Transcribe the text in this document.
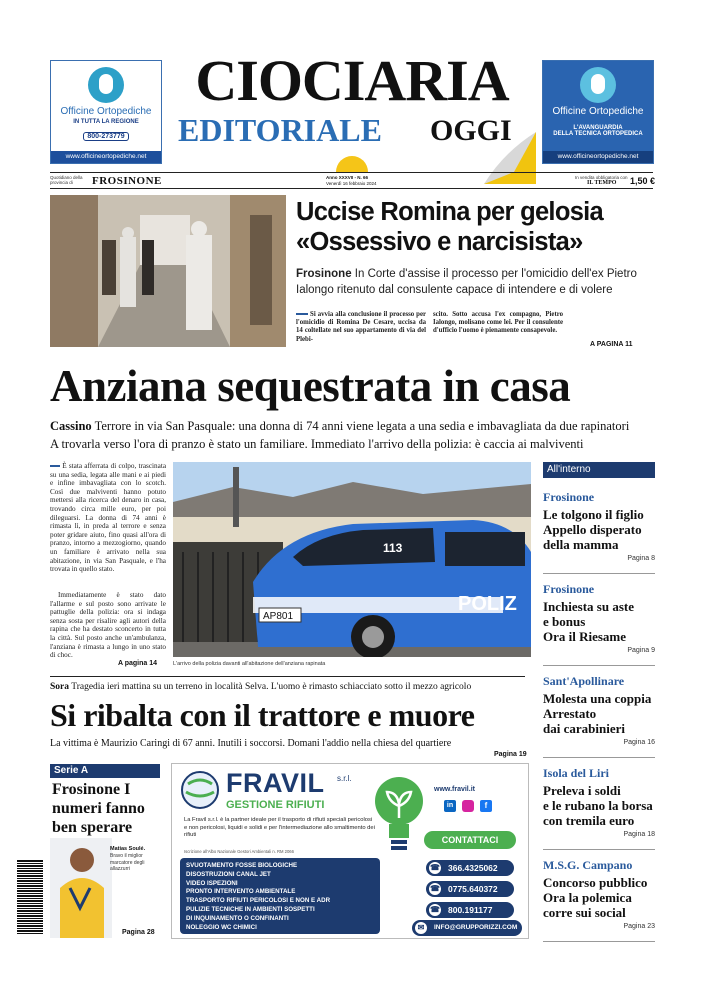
Officine Ortopediche
IN TUTTA LA REGIONE
800-273779
www.officineortopediche.net
CIOCIARIA
EDITORIALE OGGI
Officine Ortopediche
L'AVANGUARDIA
DELLA TECNICA ORTOPEDICA
www.officineortopediche.net
Quotidiano della provincia di	FROSINONE	Anno XXXVII - N. 66
Venerdì 16 febbraio 2024
In vendita obbligatoria con
IL TEMPO 1,50 €
Uccise Romina per gelosia «Ossessivo e narcisista»
Frosinone In Corte d'assise il processo per l'omicidio dell'ex Pietro Ialongo ritenuto dal consulente capace di intendere e di volere
Si avvia alla conclusione il processo per l'omicidio di Romina De Cesare, uccisa da 14 coltellate nel suo appartamento di via del Plebi-
scito. Sotto accusa l'ex compagno, Pietro Ialongo, molisano come lei. Per il consulente d'ufficio l'uomo è pienamente consapevole.
A PAGINA 11
Anziana sequestrata in casa
Cassino Terrore in via San Pasquale: una donna di 74 anni viene legata a una sedia e imbavagliata da due rapinatori
A trovarla verso l'ora di pranzo è stato un familiare. Immediato l'arrivo della polizia: è caccia ai malviventi
È stata afferrata di colpo, trascinata su una sedia, legata alle mani e ai piedi e infine imbavagliata con lo scotch. Così due malviventi hanno potuto mettersi alla ricerca del denaro in casa, trovando circa mille euro, per poi dileguarsi. La donna di 74 anni è rimasta lì, in preda al terrore e senza poter gridare aiuto, fino quasi all'ora di pranzo, intorno a mezzogiorno, quando un familiare è arrivato nella sua abitazione, in via San Pasquale, e l'ha trovata in quello stato.
Immediatamente è stato dato l'allarme e sul posto sono arrivate le pattuglie della polizia: ora si indaga senza sosta per risalire agli autori della rapina che ha destato sconcerto in tutta la città. Sul posto anche un'ambulanza, l'anziana è rimasta a lungo in uno stato di choc.
A pagina 14
POLIZ
AP801
113
L'arrivo della polizia davanti all'abitazione dell'anziana rapinata
Sora Tragedia ieri mattina su un terreno in località Selva. L'uomo è rimasto schiacciato sotto il mezzo agricolo
Si ribalta con il trattore e muore
La vittima è Maurizio Caringi di 67 anni. Inutili i soccorsi. Domani l'addio nella chiesa del quartiere
Pagina 19
Serie A
Frosinone I numeri fanno ben sperare
Matias Soulé.
Bravo il miglior marcatore degli allazzurri
Pagina 28
FRAVIL s.r.l.
GESTIONE RIFIUTI
La Fravil s.r.l. è la partner ideale per il trasporto di rifiuti speciali pericolosi e non pericolosi, liquidi e solidi e per l'intermediazione allo smaltimento dei rifiuti
Iscrizione all'Albo Nazionale Gestori Ambientali n. RM 2066
SVUOTAMENTO FOSSE BIOLOGICHE
DISOSTRUZIONI CANAL JET
VIDEO ISPEZIONI
PRONTO INTERVENTO AMBIENTALE
TRASPORTO RIFIUTI PERICOLOSI E NON E ADR
PULIZIE TECNICHE IN AMBIENTI SOSPETTI
DI INQUINAMENTO O CONFINANTI
NOLEGGIO WC CHIMICI
www.fravil.it
in	f
CONTATTACI
☎ 366.4325062
☎ 0775.640372
☎ 800.191177
✉	INFO@GRUPPORIZZI.COM
All'interno
Frosinone
Le tolgono il figlio
Appello disperato
della mamma
Pagina 8
Frosinone
Inchiesta su aste
e bonus
Ora il Riesame
Pagina 9
Sant'Apollinare
Molesta una coppia
Arrestato
dai carabinieri
Pagina 16
Isola del Liri
Preleva i soldi
e le rubano la borsa
con tremila euro
Pagina 18
M.S.G. Campano
Concorso pubblico
Ora la polemica
corre sui social
Pagina 23
